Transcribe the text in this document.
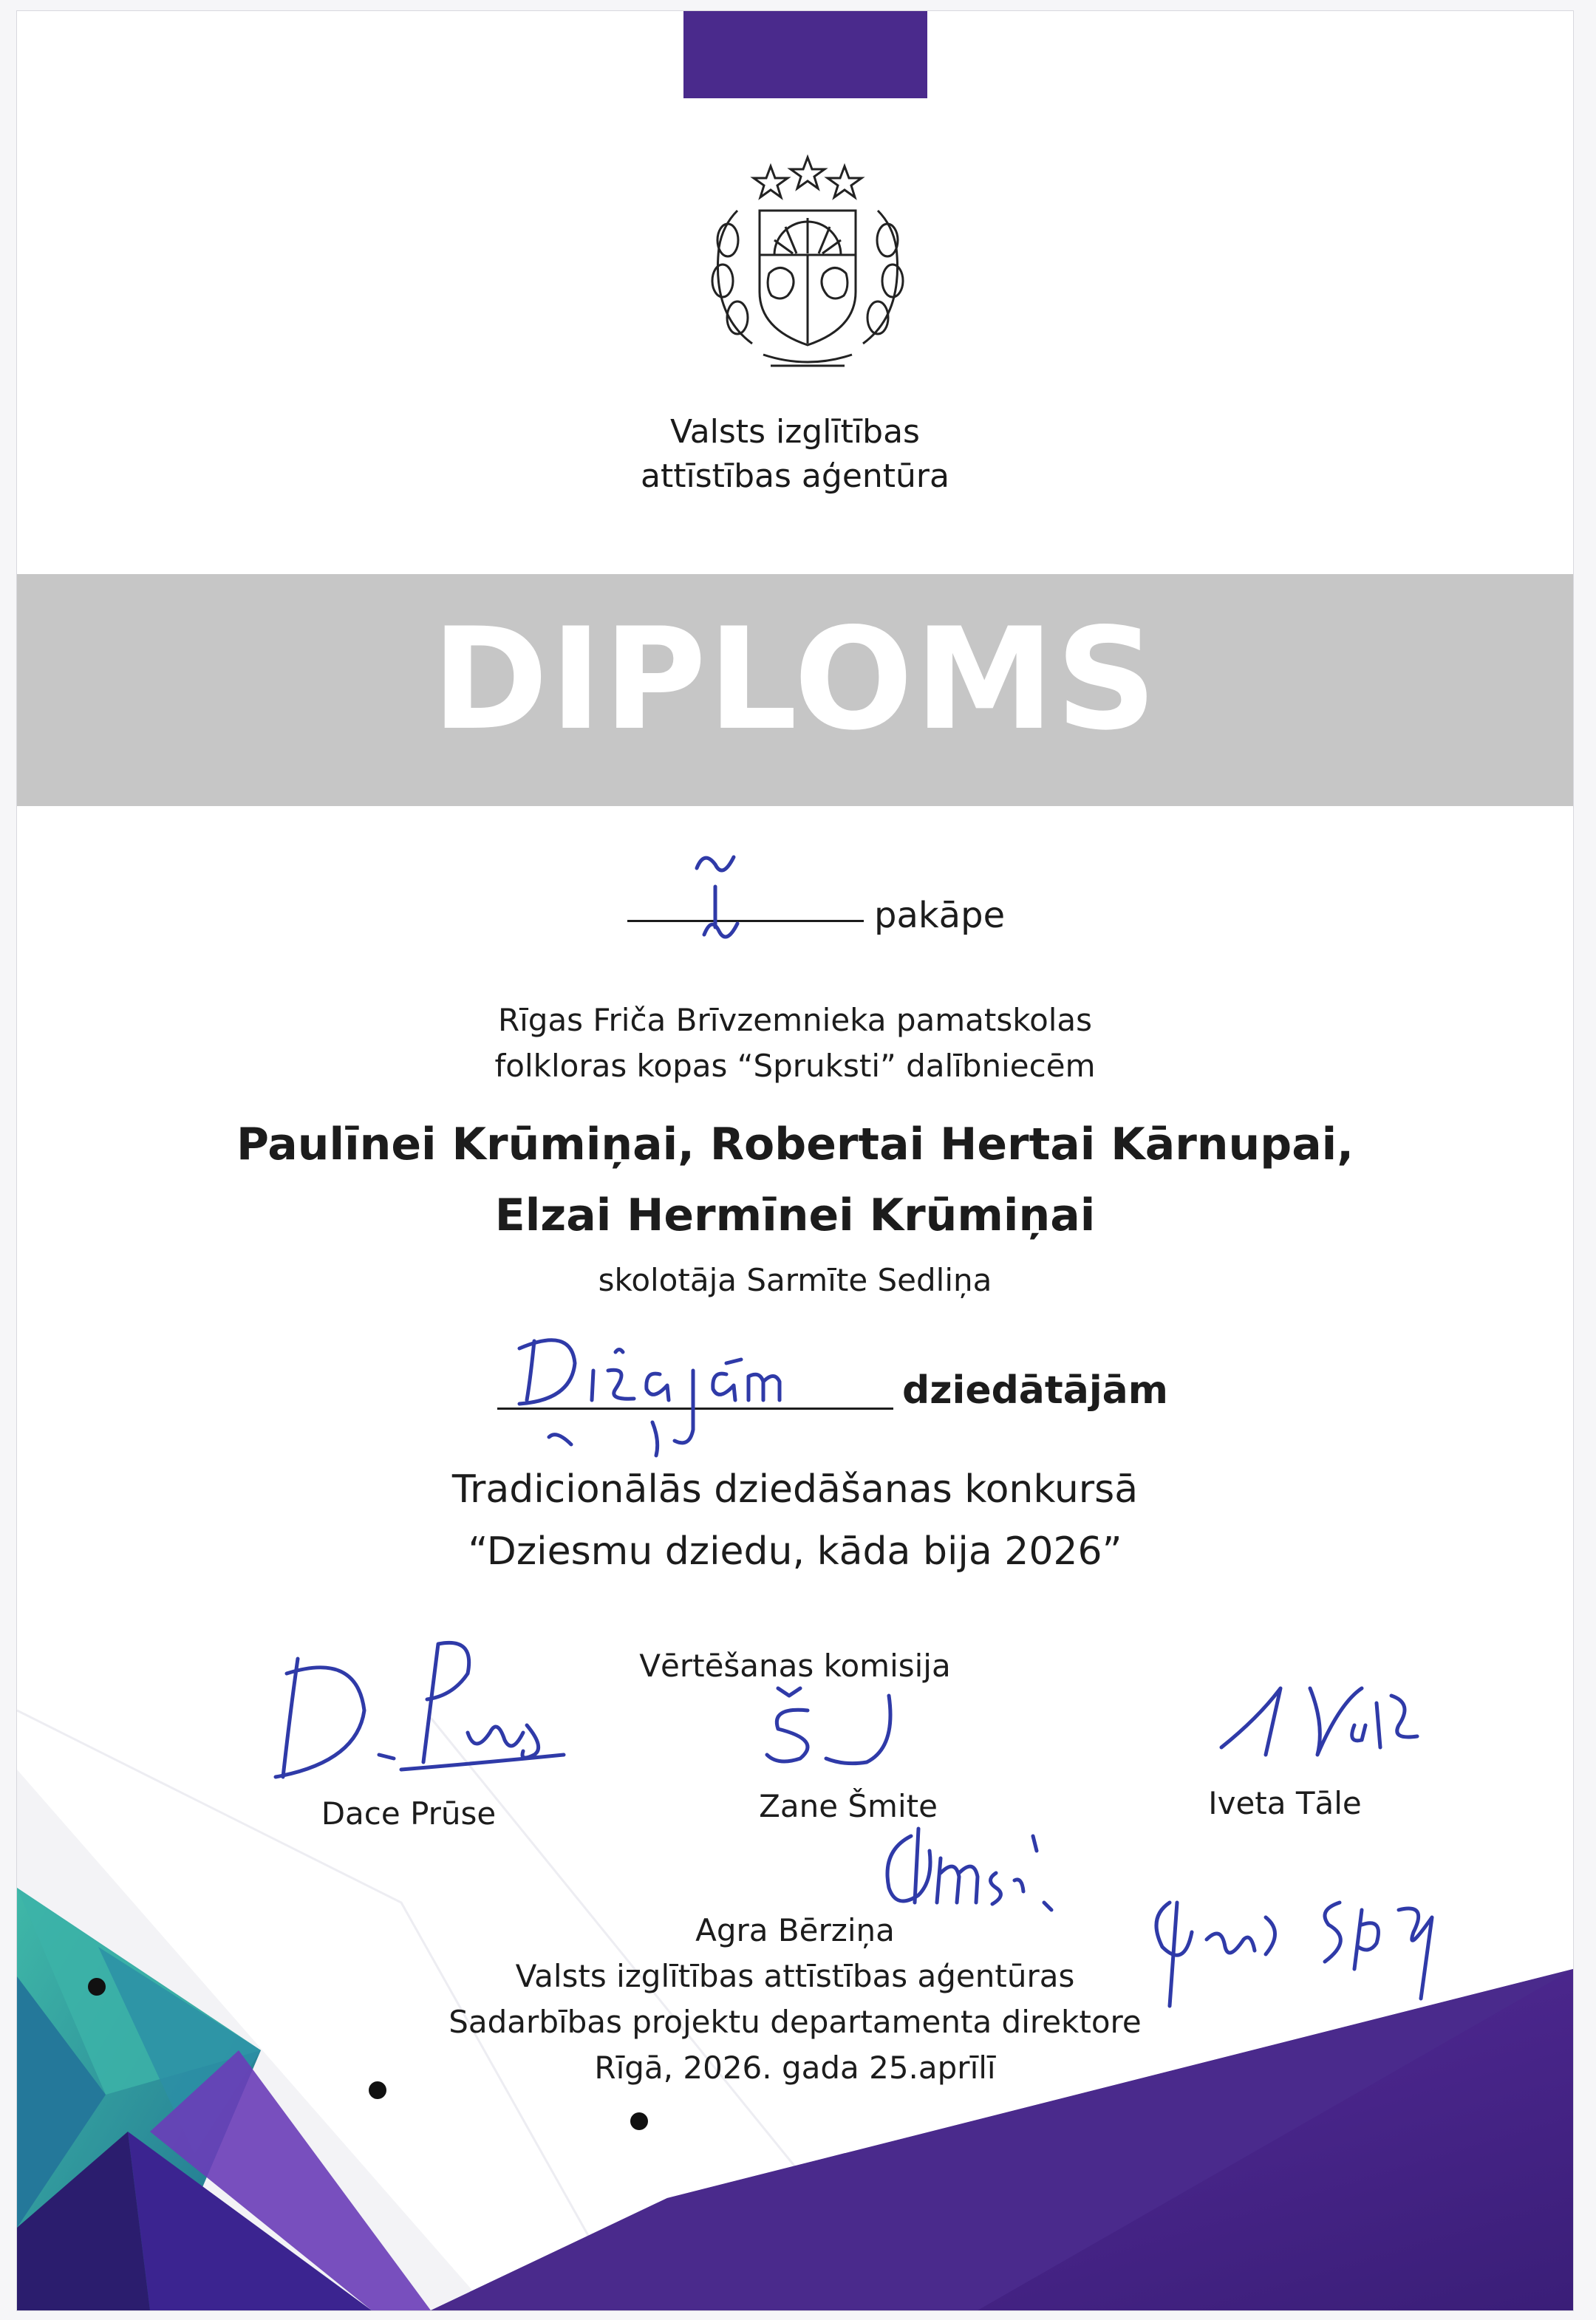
Valsts izglītības
attīstības aģentūra
DIPLOMS
pakāpe
Rīgas Friča Brīvzemnieka pamatskolas
folkloras kopas “Spruksti” dalībniecēm
Paulīnei Krūmiņai, Robertai Hertai Kārnupai,
Elzai Hermīnei Krūmiņai
skolotāja Sarmīte Sedliņa
dziedātājām
Tradicionālās dziedāšanas konkursā
“Dziesmu dziedu, kāda bija 2026”
Vērtēšanas komisija
Dace Prūse	Zane Šmite	Iveta Tāle
Agra Bērziņa
Valsts izglītības attīstības aģentūras
Sadarbības projektu departamenta direktore
Rīgā, 2026. gada 25.aprīlī
